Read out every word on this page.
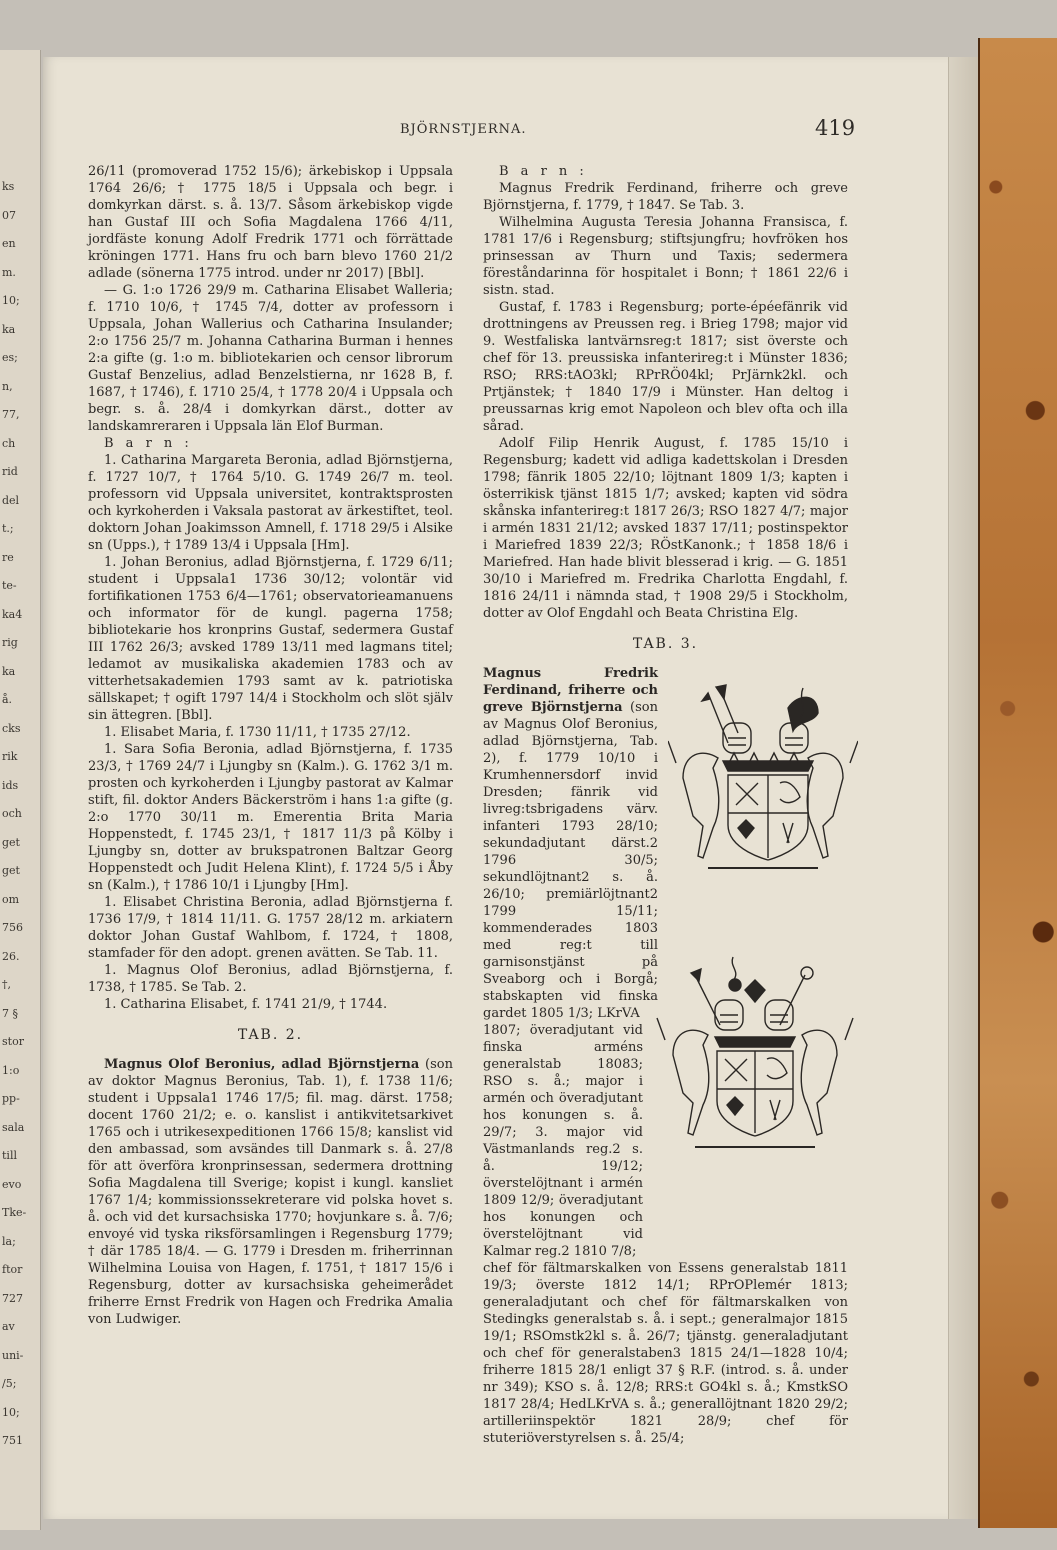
ks
07
en
m.
10;
ka
es;
n,
77,
ch
rid
del
t.;
re
te-
ka4
rig
ka
å.
cks
rik
ids
och
get
get
om
756
26.
†,
7 §
stor
1:o
pp-
sala
till
evo
Tke-
la;
ftor
727
av
uni-
/5;
10;
751
BJÖRNSTJERNA.	419

26/11 (promoverad 1752 15/6); ärkebiskop i Uppsala 1764 26/6; † 1775 18/5 i Uppsala och begr. i domkyrkan därst. s. å. 13/7. Såsom ärkebiskop vigde han Gustaf III och Sofia Magdalena 1766 4/11, jordfäste konung Adolf Fredrik 1771 och förrättade kröningen 1771. Hans fru och barn blevo 1760 21/2 adlade (sönerna 1775 introd. under nr 2017) [Bbl].

— G. 1:o 1726 29/9 m. Catharina Elisabet Walleria; f. 1710 10/6, † 1745 7/4, dotter av professorn i Uppsala, Johan Wallerius och Catharina Insulander; 2:o 1756 25/7 m. Johanna Catharina Burman i hennes 2:a gifte (g. 1:o m. bibliotekarien och censor librorum Gustaf Benzelius, adlad Benzelstierna, nr 1628 B, f. 1687, † 1746), f. 1710 25/4, † 1778 20/4 i Uppsala och begr. s. å. 28/4 i domkyrkan därst., dotter av landskamreraren i Uppsala län Elof Burman.

B a r n :

1. Catharina Margareta Beronia, adlad Björnstjerna, f. 1727 10/7, † 1764 5/10. G. 1749 26/7 m. teol. professorn vid Uppsala universitet, kontraktsprosten och kyrkoherden i Vaksala pastorat av ärkestiftet, teol. doktorn Johan Joakimsson Amnell, f. 1718 29/5 i Alsike sn (Upps.), † 1789 13/4 i Uppsala [Hm].

1. Johan Beronius, adlad Björnstjerna, f. 1729 6/11; student i Uppsala1 1736 30/12; volontär vid fortifikationen 1753 6/4—1761; observatorieamanuens och informator för de kungl. pagerna 1758; bibliotekarie hos kronprins Gustaf, sedermera Gustaf III 1762 26/3; avsked 1789 13/11 med lagmans titel; ledamot av musikaliska akademien 1783 och av vitterhetsakademien 1793 samt av k. patriotiska sällskapet; † ogift 1797 14/4 i Stockholm och slöt själv sin ättegren. [Bbl].

1. Elisabet Maria, f. 1730 11/11, † 1735 27/12.

1. Sara Sofia Beronia, adlad Björnstjerna, f. 1735 23/3, † 1769 24/7 i Ljungby sn (Kalm.). G. 1762 3/1 m. prosten och kyrkoherden i Ljungby pastorat av Kalmar stift, fil. doktor Anders Bäckerström i hans 1:a gifte (g. 2:o 1770 30/11 m. Emerentia Brita Maria Hoppenstedt, f. 1745 23/1, † 1817 11/3 på Kölby i Ljungby sn, dotter av brukspatronen Baltzar Georg Hoppenstedt och Judit Helena Klint), f. 1724 5/5 i Åby sn (Kalm.), † 1786 10/1 i Ljungby [Hm].

1. Elisabet Christina Beronia, adlad Björnstjerna f. 1736 17/9, † 1814 11/11. G. 1757 28/12 m. arkiatern doktor Johan Gustaf Wahlbom, f. 1724, † 1808, stamfader för den adopt. grenen avätten. Se Tab. 11.

1. Magnus Olof Beronius, adlad Björnstjerna, f. 1738, † 1785. Se Tab. 2.

1. Catharina Elisabet, f. 1741 21/9, † 1744.

TAB. 2.

Magnus Olof Beronius, adlad Björnstjerna (son av doktor Magnus Beronius, Tab. 1), f. 1738 11/6; student i Uppsala1 1746 17/5; fil. mag. därst. 1758; docent 1760 21/2; e. o. kanslist i antikvitetsarkivet 1765 och i utrikesexpeditionen 1766 15/8; kanslist vid den ambassad, som avsändes till Danmark s. å. 27/8 för att överföra kronprinsessan, sedermera drottning Sofia Magdalena till Sverige; kopist i kungl. kansliet 1767 1/4; kommissionssekreterare vid polska hovet s. å. och vid det kursachsiska 1770; hovjunkare s. å. 7/6; envoyé vid tyska riksförsamlingen i Regensburg 1779; † där 1785 18/4. — G. 1779 i Dresden m. friherrinnan Wilhelmina Louisa von Hagen, f. 1751, † 1817 15/6 i Regensburg, dotter av kursachsiska geheimerådet friherre Ernst Fredrik von Hagen och Fredrika Amalia von Ludwiger.

B a r n :

Magnus Fredrik Ferdinand, friherre och greve Björnstjerna, f. 1779, † 1847. Se Tab. 3.

Wilhelmina Augusta Teresia Johanna Fransisca, f. 1781 17/6 i Regensburg; stiftsjungfru; hovfröken hos prinsessan av Thurn und Taxis; sedermera föreståndarinna för hospitalet i Bonn; † 1861 22/6 i sistn. stad.

Gustaf, f. 1783 i Regensburg; porte-épéefänrik vid drottningens av Preussen reg. i Brieg 1798; major vid 9. Westfaliska lantvärnsreg:t 1817; sist överste och chef för 13. preussiska infanterireg:t i Münster 1836; RSO; RRS:tAO3kl; RPrRÖ04kl; PrJärnk2kl. och Prtjänstek; † 1840 17/9 i Münster. Han deltog i preussarnas krig emot Napoleon och blev ofta och illa sårad.

Adolf Filip Henrik August, f. 1785 15/10 i Regensburg; kadett vid adliga kadettskolan i Dresden 1798; fänrik 1805 22/10; löjtnant 1809 1/3; kapten i österrikisk tjänst 1815 1/7; avsked; kapten vid södra skånska infanterireg:t 1817 26/3; RSO 1827 4/7; major i armén 1831 21/12; avsked 1837 17/11; postinspektor i Mariefred 1839 22/3; RÖstKanonk.; † 1858 18/6 i Mariefred. Han hade blivit blesserad i krig. — G. 1851 30/10 i Mariefred m. Fredrika Charlotta Engdahl, f. 1816 24/11 i nämnda stad, † 1908 29/5 i Stockholm, dotter av Olof Engdahl och Beata Christina Elg.

TAB. 3.

Magnus Fredrik Ferdinand, friherre och greve Björnstjerna (son av Magnus Olof Beronius, adlad Björnstjerna, Tab. 2), f. 1779 10/10 i Krumhennersdorf invid Dresden; fänrik vid livreg:tsbrigadens värv. infanteri 1793 28/10; sekundadjutant därst.2 1796 30/5; sekundlöjtnant2 s. å. 26/10; premiärlöjtnant2 1799 15/11; kommenderades 1803 med reg:t till garnisonstjänst på Sveaborg och i Borgå; stabskapten vid finska gardet 1805 1/3; LKrVA

1807; överadjutant vid finska arméns generalstab 18083; RSO s. å.; major i armén och överadjutant hos konungen s. å. 29/7; 3. major vid Västmanlands reg.2 s. å. 19/12; överstelöjtnant i armén 1809 12/9; överadjutant hos konungen och överstelöjtnant vid Kalmar reg.2 1810 7/8;

chef för fältmarskalken von Essens generalstab 1811 19/3; överste 1812 14/1; RPrOPlemér 1813; generaladjutant och chef för fältmarskalken von Stedingks generalstab s. å. i sept.; generalmajor 1815 19/1; RSOmstk2kl s. å. 26/7; tjänstg. generaladjutant och chef för generalstaben3 1815 24/1—1828 10/4; friherre 1815 28/1 enligt 37 § R.F. (introd. s. å. under nr 349); KSO s. å. 12/8; RRS:t GO4kl s. å.; KmstkSO 1817 28/4; HedLKrVA s. å.; generallöjtnant 1820 29/2; artilleriinspektör 1821 28/9; chef för stuteriöverstyrelsen s. å. 25/4;
